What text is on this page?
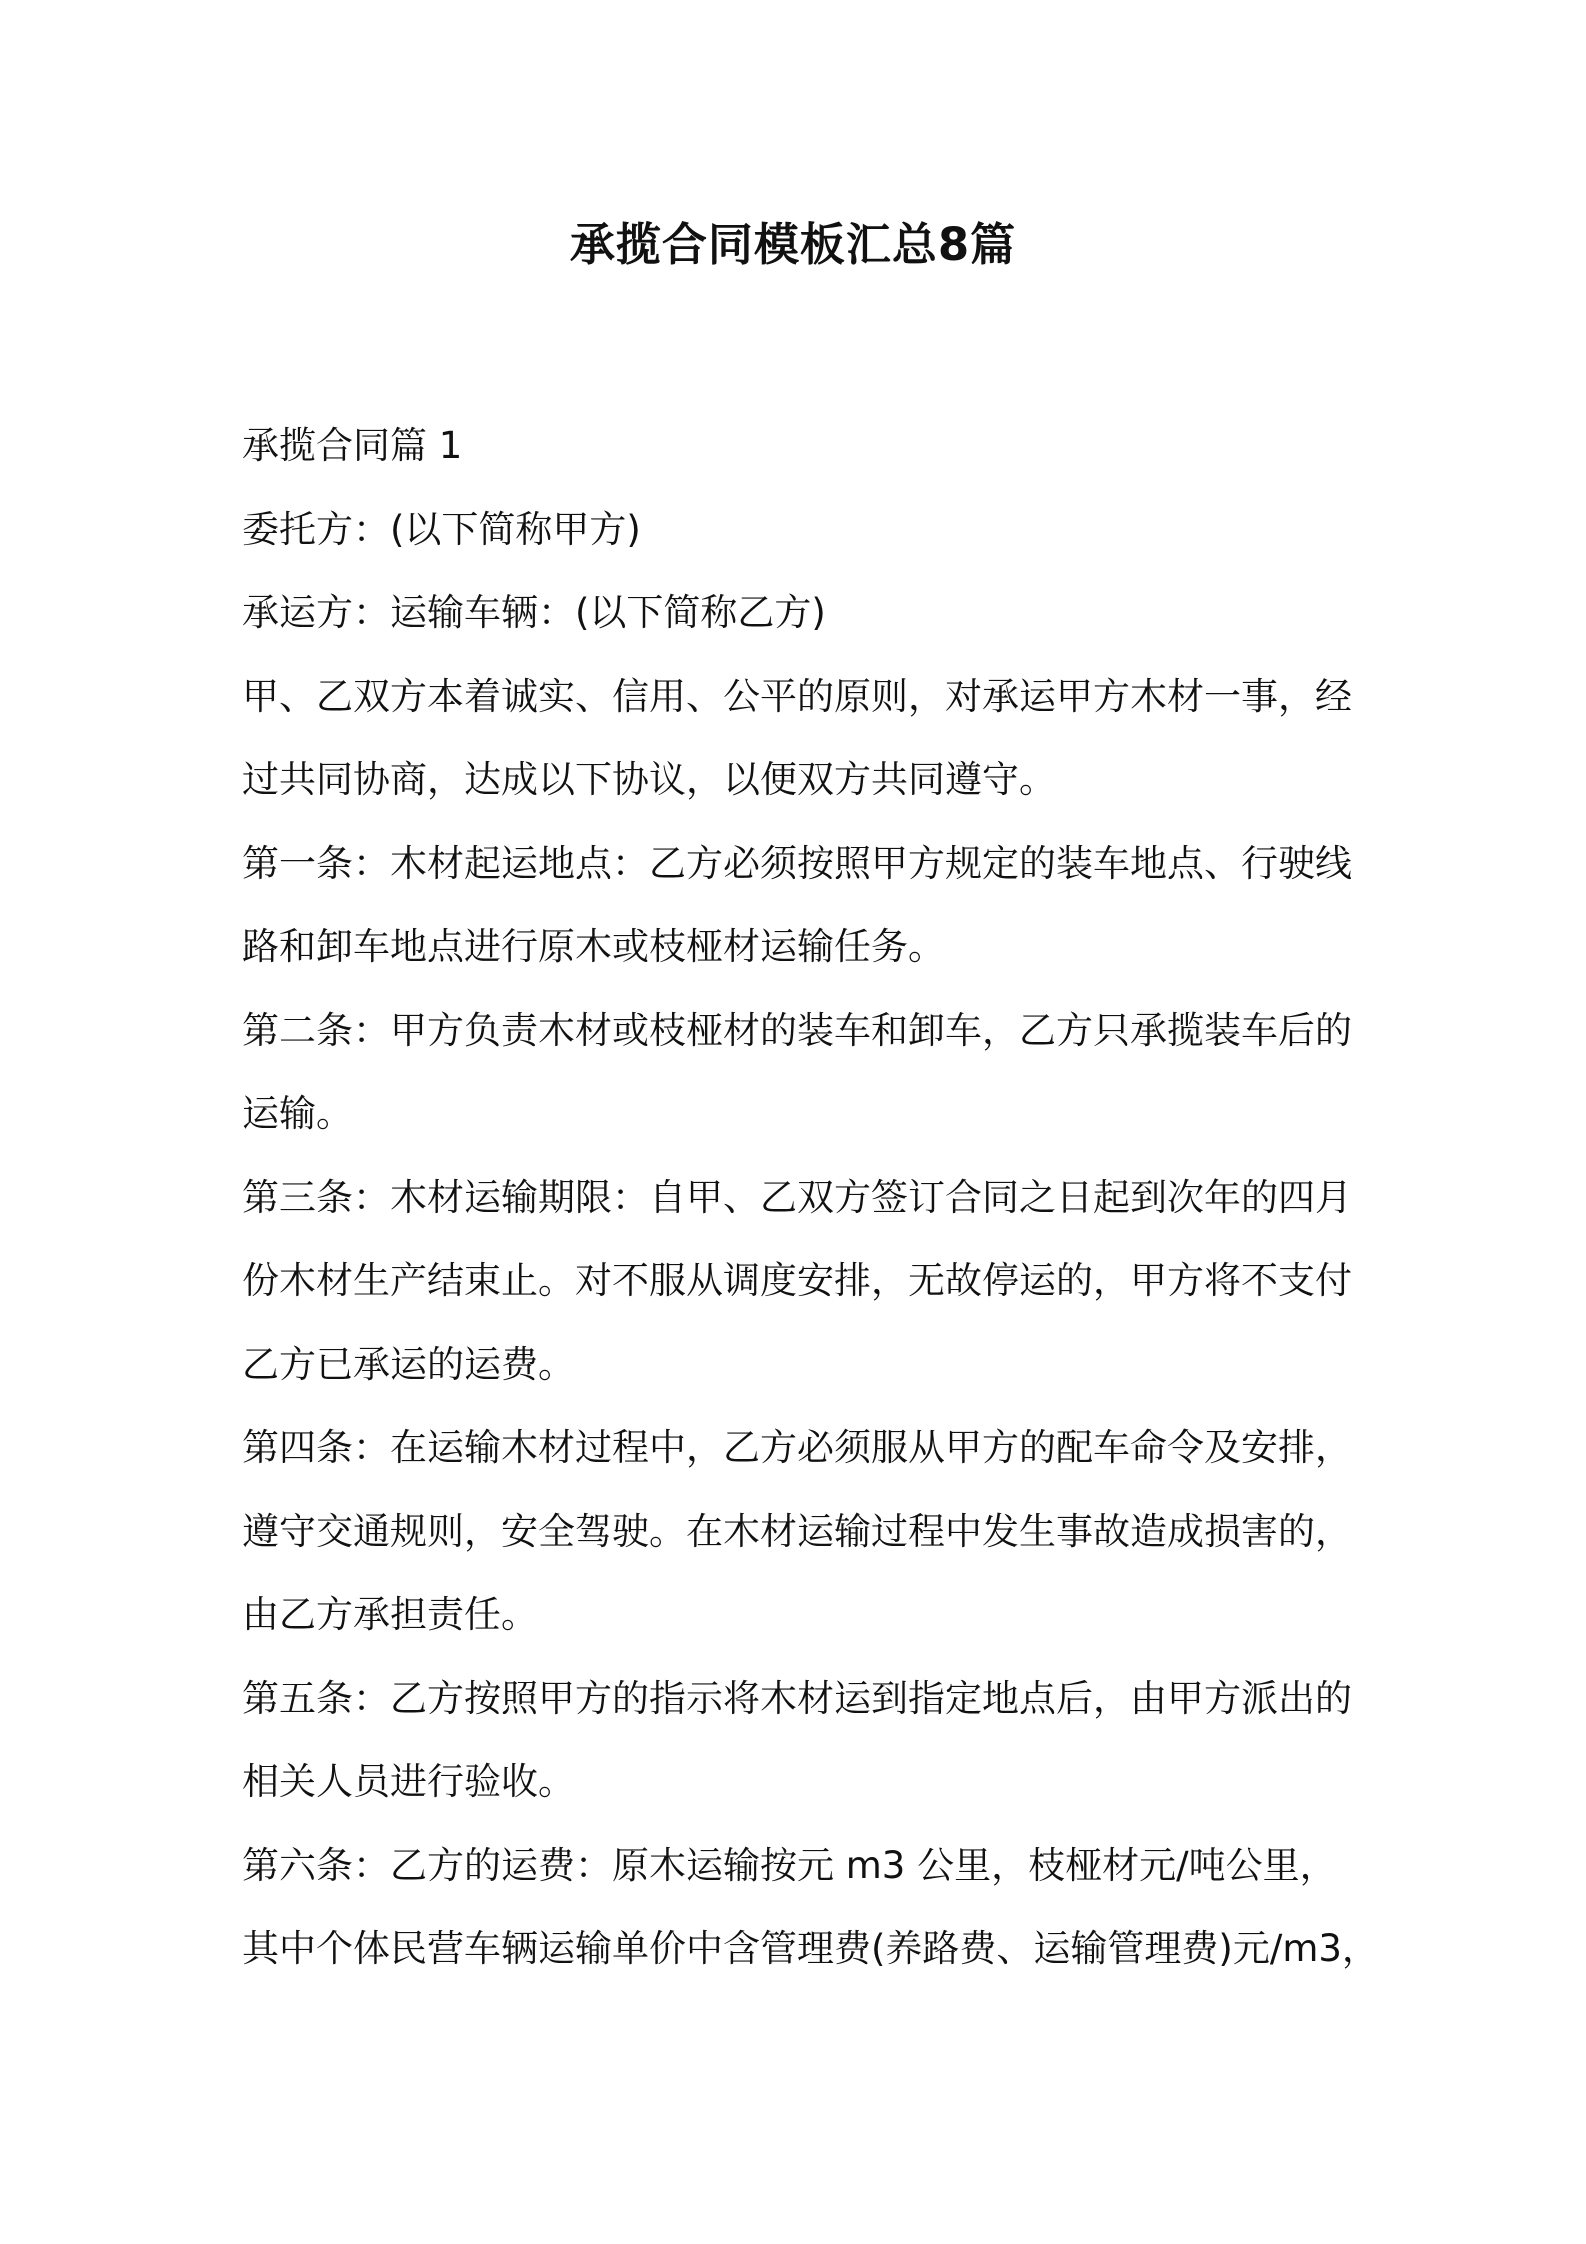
承揽合同模板汇总8篇

承揽合同篇 1

委托方：(以下简称甲方)

承运方：运输车辆：(以下简称乙方)

甲、乙双方本着诚实、信用、公平的原则，对承运甲方木材一事，经

过共同协商，达成以下协议，以便双方共同遵守。

第一条：木材起运地点：乙方必须按照甲方规定的装车地点、行驶线

路和卸车地点进行原木或枝桠材运输任务。

第二条：甲方负责木材或枝桠材的装车和卸车，乙方只承揽装车后的

运输。

第三条：木材运输期限：自甲、乙双方签订合同之日起到次年的四月

份木材生产结束止。对不服从调度安排，无故停运的，甲方将不支付

乙方已承运的运费。

第四条：在运输木材过程中，乙方必须服从甲方的配车命令及安排，

遵守交通规则，安全驾驶。在木材运输过程中发生事故造成损害的，

由乙方承担责任。

第五条：乙方按照甲方的指示将木材运到指定地点后，由甲方派出的

相关人员进行验收。

第六条：乙方的运费：原木运输按元 m3 公里，枝桠材元/吨公里，

其中个体民营车辆运输单价中含管理费(养路费、运输管理费)元/m3，
